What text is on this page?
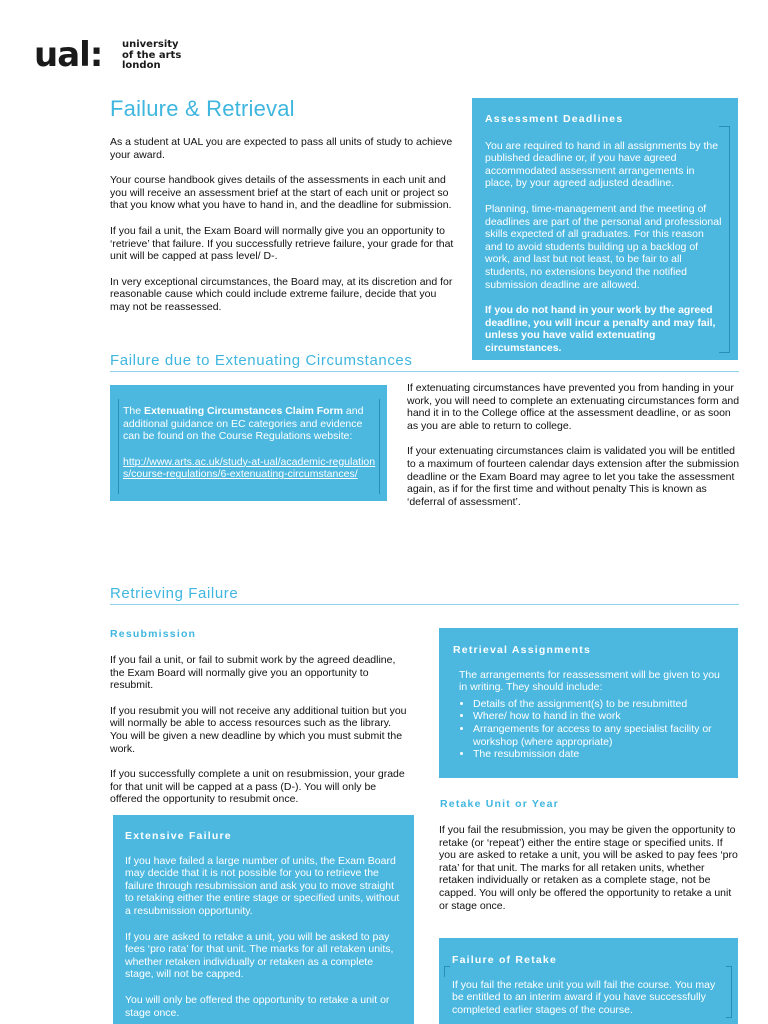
ual: university
of the arts
london
Failure & Retrieval

As a student at UAL you are expected to pass all units of study to achieve your award.

Your course handbook gives details of the assessments in each unit and you will receive an assessment brief at the start of each unit or project so that you know what you have to hand in, and the deadline for submission.

If you fail a unit, the Exam Board will normally give you an opportunity to ‘retrieve’ that failure. If you successfully retrieve failure, your grade for that unit will be capped at pass level/ D-.

In very exceptional circumstances, the Board may, at its discretion and for reasonable cause which could include extreme failure, decide that you may not be reassessed.

Assessment Deadlines

You are required to hand in all assignments by the published deadline or, if you have agreed accommodated assessment arrangements in place, by your agreed adjusted deadline.

Planning, time-management and the meeting of deadlines are part of the personal and professional skills expected of all graduates. For this reason and to avoid students building up a backlog of work, and last but not least, to be fair to all students, no extensions beyond the notified submission deadline are allowed.

If you do not hand in your work by the agreed deadline, you will incur a penalty and may fail, unless you have valid extenuating circumstances.

Failure due to Extenuating Circumstances
The Extenuating Circumstances Claim Form and additional guidance on EC categories and evidence can be found on the Course Regulations website:
http://www.arts.ac.uk/study-at-ual/academic-regulations/course-regulations/6-extenuating-circumstances/

If extenuating circumstances have prevented you from handing in your work, you will need to complete an extenuating circumstances form and hand it in to the College office at the assessment deadline, or as soon as you are able to return to college.

If your extenuating circumstances claim is validated you will be entitled to a maximum of fourteen calendar days extension after the submission deadline or the Exam Board may agree to let you take the assessment again, as if for the first time and without penalty This is known as ‘deferral of assessment’.

Retrieving Failure
Resubmission

If you fail a unit, or fail to submit work by the agreed deadline, the Exam Board will normally give you an opportunity to resubmit.

If you resubmit you will not receive any additional tuition but you will normally be able to access resources such as the library. You will be given a new deadline by which you must submit the work.

If you successfully complete a unit on resubmission, your grade for that unit will be capped at a pass (D-). You will only be offered the opportunity to resubmit once.

Retrieval Assignments
The arrangements for reassessment will be given to you in writing. They should include:
• Details of the assignment(s) to be resubmitted
• Where/ how to hand in the work
• Arrangements for access to any specialist facility or workshop (where appropriate)
• The resubmission date
Retake Unit or Year

If you fail the resubmission, you may be given the opportunity to retake (or ‘repeat’) either the entire stage or specified units. If you are asked to retake a unit, you will be asked to pay fees ‘pro rata’ for that unit. The marks for all retaken units, whether retaken individually or retaken as a complete stage, not be capped. You will only be offered the opportunity to retake a unit or stage once.

Extensive Failure

If you have failed a large number of units, the Exam Board may decide that it is not possible for you to retrieve the failure through resubmission and ask you to move straight to retaking either the entire stage or specified units, without a resubmission opportunity.

If you are asked to retake a unit, you will be asked to pay fees ‘pro rata’ for that unit. The marks for all retaken units, whether retaken individually or retaken as a complete stage, will not be capped.

You will only be offered the opportunity to retake a unit or stage once.

Failure of Retake

If you fail the retake unit you will fail the course. You may be entitled to an interim award if you have successfully completed earlier stages of the course.
